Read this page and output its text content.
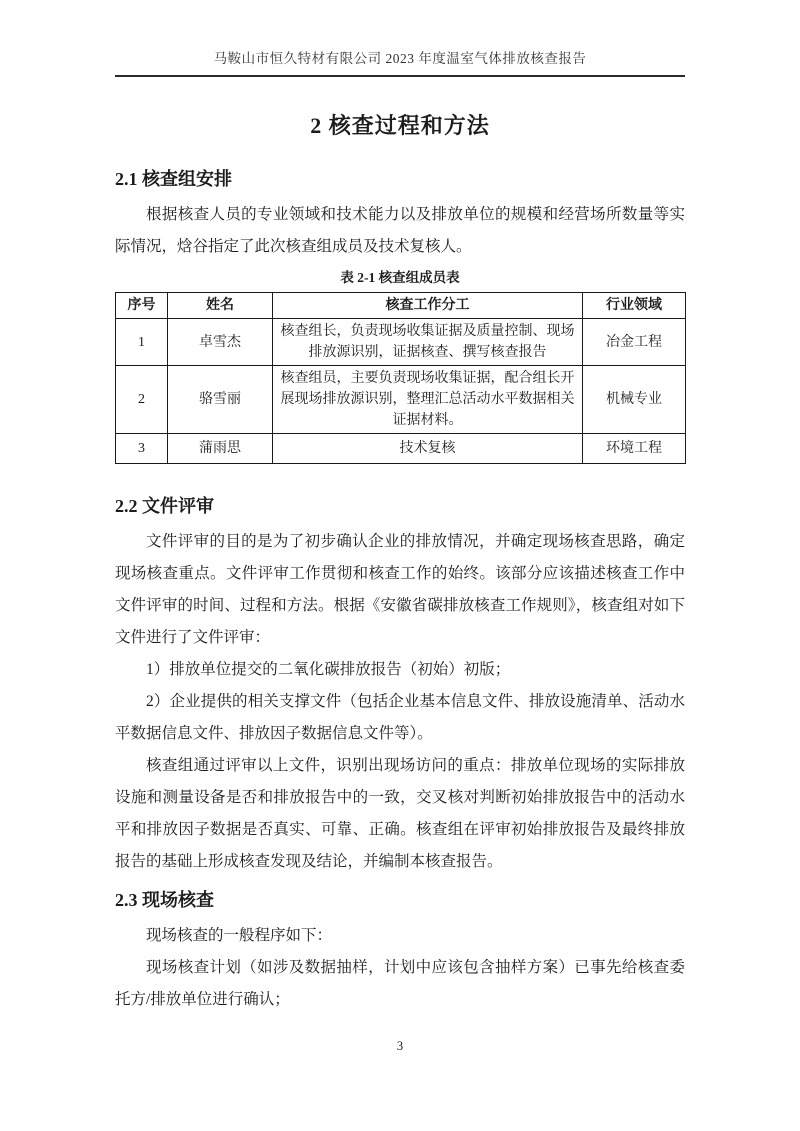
马鞍山市恒久特材有限公司 2023 年度温室气体排放核查报告
2 核查过程和方法
2.1 核查组安排

根据核查人员的专业领域和技术能力以及排放单位的规模和经营场所数量等实际情况，焓谷指定了此次核查组成员及技术复核人。

表 2-1 核查组成员表
序号	姓名	核查工作分工	行业领域
1	卓雪杰	核查组长，负责现场收集证据及质量控制、现场排放源识别，证据核查、撰写核查报告	冶金工程
2	骆雪丽	核查组员，主要负责现场收集证据，配合组长开展现场排放源识别，整理汇总活动水平数据相关证据材料。	机械专业
3	蒲雨思	技术复核	环境工程
2.2 文件评审

文件评审的目的是为了初步确认企业的排放情况，并确定现场核查思路，确定现场核查重点。文件评审工作贯彻和核查工作的始终。该部分应该描述核查工作中文件评审的时间、过程和方法。根据《安徽省碳排放核查工作规则》，核查组对如下文件进行了文件评审：

1）排放单位提交的二氧化碳排放报告（初始）初版；

2）企业提供的相关支撑文件（包括企业基本信息文件、排放设施清单、活动水平数据信息文件、排放因子数据信息文件等）。

核查组通过评审以上文件，识别出现场访问的重点：排放单位现场的实际排放设施和测量设备是否和排放报告中的一致，交叉核对判断初始排放报告中的活动水平和排放因子数据是否真实、可靠、正确。核查组在评审初始排放报告及最终排放报告的基础上形成核查发现及结论，并编制本核查报告。

2.3 现场核查

现场核查的一般程序如下：

现场核查计划（如涉及数据抽样，计划中应该包含抽样方案）已事先给核查委托方/排放单位进行确认；

3
